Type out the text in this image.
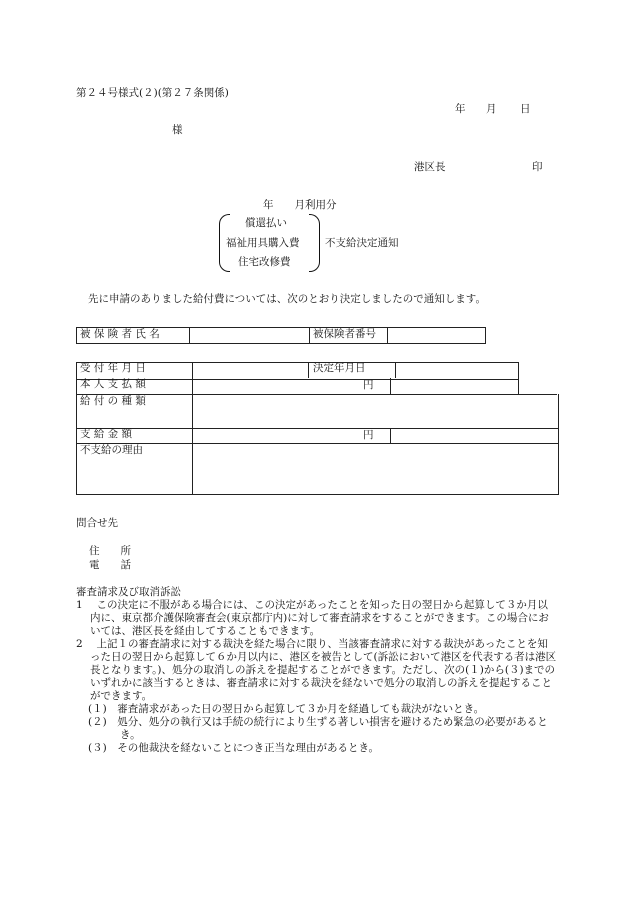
第２４号様式(２)(第２７条関係)
年 月 日
様
港区長	印
年　　月利用分
償還払い
福祉用具購入費
住宅改修費
不支給決定通知
先に申請のありました給付費については、次のとおり決定しましたので通知します。
被 保 険 者 氏 名		被保険者番号	
受 付 年 月 日	決定年月日
本 人 支 払 額	円
給 付 の 種 類
支 給 金 額	円
不支給の理由
問合せ先
住　　所
電　　話

審査請求及び取消訴訟

1　 この決定に不服がある場合には、この決定があったことを知った日の翌日から起算して３か月以内に、東京都介護保険審査会(東京都庁内)に対して審査請求をすることができます。この場合においては、港区長を経由してすることもできます。

2　 上記１の審査請求に対する裁決を経た場合に限り、当該審査請求に対する裁決があったことを知った日の翌日から起算して６か月以内に、港区を被告として(訴訟において港区を代表する者は港区長となります。)、処分の取消しの訴えを提起することができます。ただし、次の(１)から(３)までのいずれかに該当するときは、審査請求に対する裁決を経ないで処分の取消しの訴えを提起することができます。

(１)　審査請求があった日の翌日から起算して３か月を経過しても裁決がないとき。

(２)　処分、処分の執行又は手続の続行により生ずる著しい損害を避けるため緊急の必要があるとき。

(３)　その他裁決を経ないことにつき正当な理由があるとき。
